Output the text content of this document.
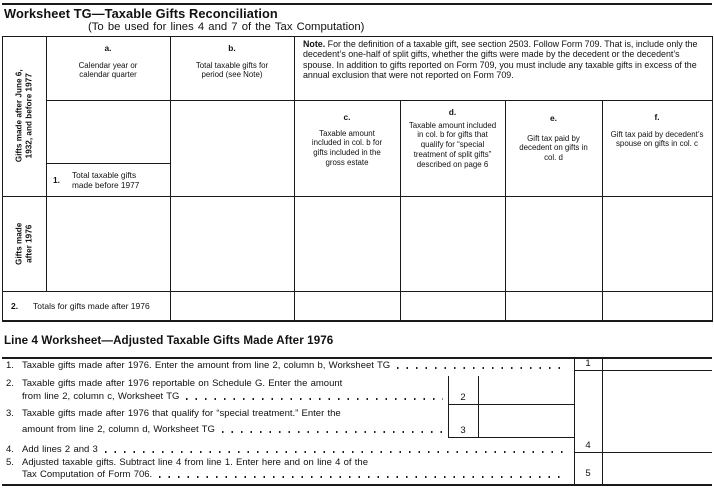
Worksheet TG—Taxable Gifts Reconciliation
(To be used for lines 4 and 7 of the Tax Computation)
Gifts made after June 6, 1932, and before 1977
Gifts made after 1976
a.
Calendar year or calendar quarter
b.
Total taxable gifts for period (see Note)
Note. For the definition of a taxable gift, see section 2503. Follow Form 709. That is, include only the decedent’s one-half of split gifts, whether the gifts were made by the decedent or the decedent’s spouse. In addition to gifts reported on Form 709, you must include any taxable gifts in excess of the annual exclusion that were not reported on Form 709.
c.
Taxable amount included in col. b for gifts included in the gross estate
d.
Taxable amount included in col. b for gifts that qualify for “special treatment of split gifts” described on page 6
e.
Gift tax paid by decedent on gifts in col. d
f.
Gift tax paid by decedent’s spouse on gifts in col. c
1.	Total taxable gifts made before 1977
2.	Totals for gifts made after 1976
Line 4 Worksheet—Adjusted Taxable Gifts Made After 1976
1. Taxable gifts made after 1976. Enter the amount from line 2, column b, Worksheet TG
2. Taxable gifts made after 1976 reportable on Schedule G. Enter the amount
from line 2, column c, Worksheet TG
3. Taxable gifts made after 1976 that qualify for “special treatment.” Enter the
amount from line 2, column d, Worksheet TG
4. Add lines 2 and 3
5. Adjusted taxable gifts. Subtract line 4 from line 1. Enter here and on line 4 of the
Tax Computation of Form 706.
1
2
3
4
5
